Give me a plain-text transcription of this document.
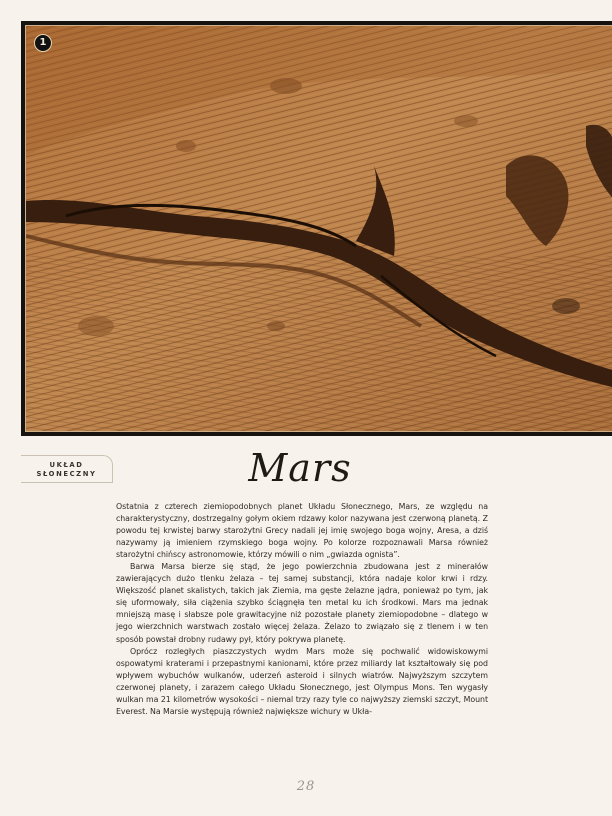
1
UKŁAD
SŁONECZNY	Mars

Ostatnia z czterech ziemiopodobnych planet Układu Słonecznego, Mars, ze względu na charakterystyczny, dostrzegalny gołym okiem rdzawy kolor nazywana jest czerwoną planetą. Z powodu tej krwistej barwy starożytni Grecy nadali jej imię swojego boga wojny, Aresa, a dziś nazywamy ją imieniem rzymskiego boga wojny. Po kolorze rozpoznawali Marsa również starożytni chińscy astronomowie, którzy mówili o nim „gwiazda ognista”.

Barwa Marsa bierze się stąd, że jego powierzchnia zbudowana jest z minerałów zawierających dużo tlenku żelaza – tej samej substancji, która nadaje kolor krwi i rdzy. Większość planet skalistych, takich jak Ziemia, ma gęste żelazne jądra, ponieważ po tym, jak się uformowały, siła ciążenia szybko ściągnęła ten metal ku ich środkowi. Mars ma jednak mniejszą masę i słabsze pole grawitacyjne niż pozostałe planety ziemiopodobne – dlatego w jego wierzchnich warstwach zostało więcej żelaza. Żelazo to związało się z tlenem i w ten sposób powstał drobny rudawy pył, który pokrywa planetę.

Oprócz rozległych piaszczystych wydm Mars może się pochwalić widowiskowymi ospowatymi kraterami i przepastnymi kanionami, które przez miliardy lat kształtowały się pod wpływem wybuchów wulkanów, uderzeń asteroid i silnych wiatrów. Najwyższym szczytem czerwonej planety, i zarazem całego Układu Słonecznego, jest Olympus Mons. Ten wygasły wulkan ma 21 kilometrów wysokości – niemal trzy razy tyle co najwyższy ziemski szczyt, Mount Everest. Na Marsie występują również największe wichury w Ukła-

28
